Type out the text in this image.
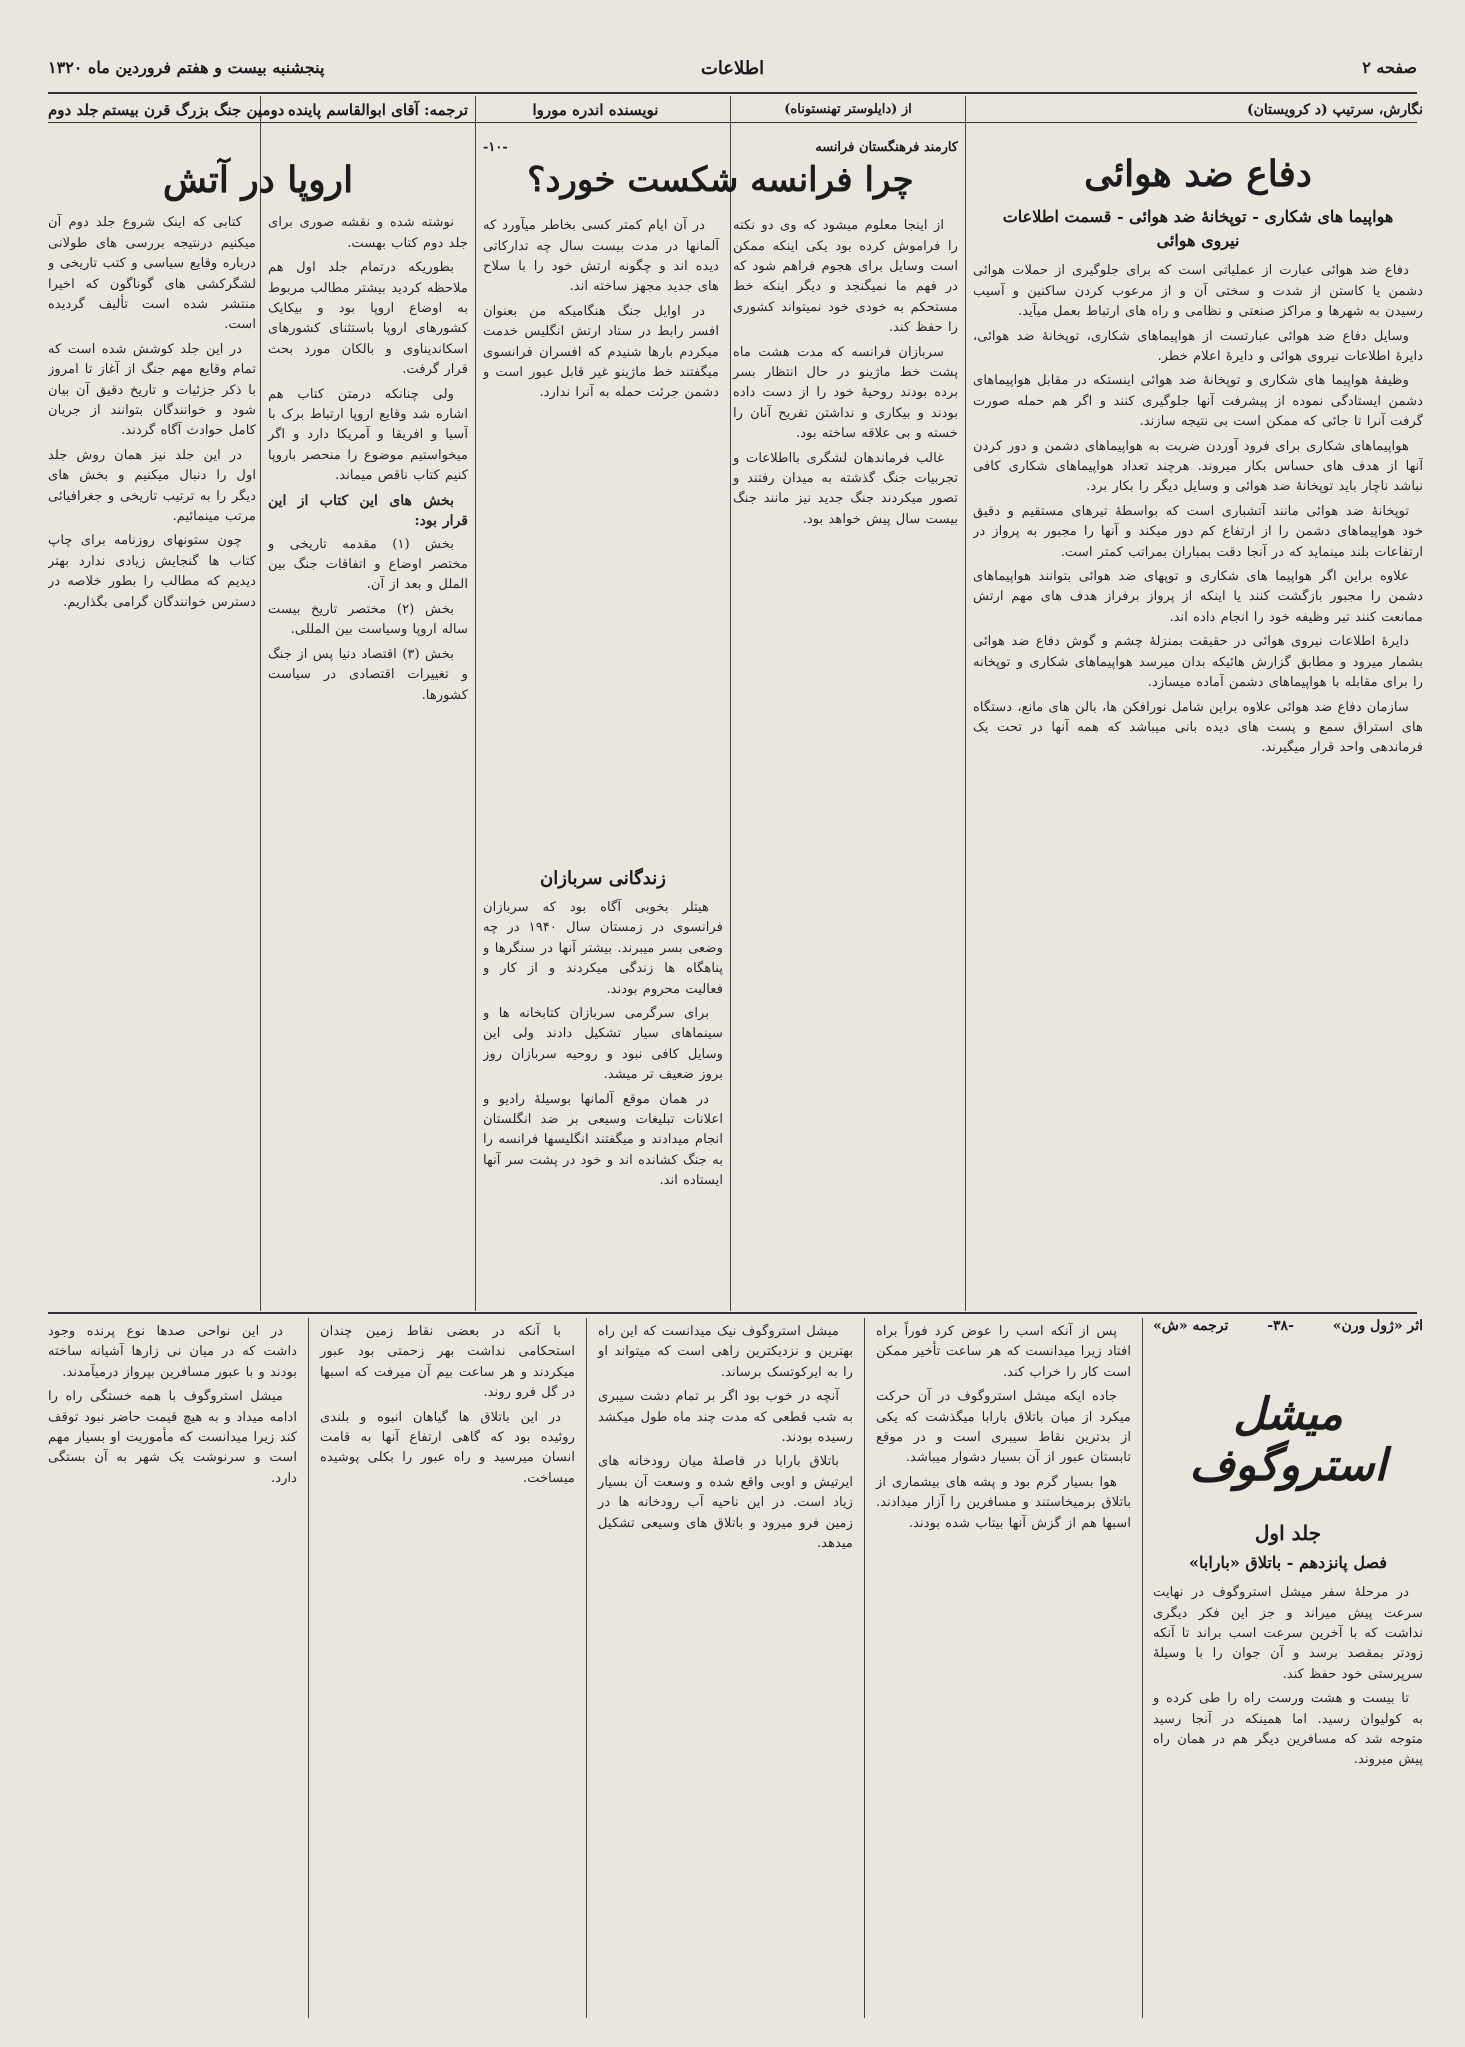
صفحه ۲
اطلاعات
پنجشنبه بیست و هفتم فروردین ماه ۱۳۲۰
نگارش، سرتیپ (د کرویستان)
دفاع ضد هوائی
هواپیما های شکاری - توپخانهٔ ضد هوائی - قسمت اطلاعات
نیروی هوائی

دفاع ضد هوائی عبارت از عملیاتی است که برای جلوگیری از حملات هوائی دشمن یا کاستن از شدت و سختی آن و از مرعوب کردن ساکنین و آسیب رسیدن به شهرها و مراکز صنعتی و نظامی و راه های ارتباط بعمل میآید.

وسایل دفاع ضد هوائی عبارتست از هواپیماهای شکاری، توپخانهٔ ضد هوائی، دایرهٔ اطلاعات نیروی هوائی و دایرهٔ اعلام خطر.

وظیفهٔ هواپیما های شکاری و توپخانهٔ ضد هوائی اینستکه در مقابل هواپیماهای دشمن ایستادگی نموده از پیشرفت آنها جلوگیری کنند و اگر هم حمله صورت گرفت آنرا تا جائی که ممکن است بی نتیجه سازند.

هواپیماهای شکاری برای فرود آوردن ضربت به هواپیماهای دشمن و دور کردن آنها از هدف های حساس بکار میروند. هرچند تعداد هواپیماهای شکاری کافی نباشد ناچار باید توپخانهٔ ضد هوائی و وسایل دیگر را بکار برد.

توپخانهٔ ضد هوائی مانند آتشباری است که بواسطهٔ تیرهای مستقیم و دقیق خود هواپیماهای دشمن را از ارتفاع کم دور میکند و آنها را مجبور به پرواز در ارتفاعات بلند مینماید که در آنجا دقت بمباران بمراتب کمتر است.

علاوه براین اگر هواپیما های شکاری و توپهای ضد هوائی بتوانند هواپیماهای دشمن را مجبور بازگشت کنند یا اینکه از پرواز برفراز هدف های مهم ارتش ممانعت کنند تیر وظیفه خود را انجام داده اند.

دایرهٔ اطلاعات نیروی هوائی در حقیقت بمنزلهٔ چشم و گوش دفاع ضد هوائی بشمار میرود و مطابق گزارش هائیکه بدان میرسد هواپیماهای شکاری و توپخانه را برای مقابله با هواپیماهای دشمن آماده میسازد.

سازمان دفاع ضد هوائی علاوه براین شامل نورافکن ها، بالن های مانع، دستگاه های استراق سمع و پست های دیده بانی میباشد که همه آنها در تحت یک فرماندهی واحد قرار میگیرند.

از (دایلوستر تهنستوناه)
نویسنده اندره موروا
کارمند فرهنگستان فرانسه
-۱۰-
چرا فرانسه شکست خورد؟

از اینجا معلوم میشود که وی دو نکته را فراموش کرده بود یکی اینکه ممکن است وسایل برای هجوم فراهم شود که در فهم ما نمیگنجد و دیگر اینکه خط مستحکم به خودی خود نمیتواند کشوری را حفظ کند.

سربازان فرانسه که مدت هشت ماه پشت خط ماژینو در حال انتظار بسر برده بودند روحیهٔ خود را از دست داده بودند و بیکاری و نداشتن تفریح آنان را خسته و بی علاقه ساخته بود.

غالب فرماندهان لشگری بااطلاعات و تجربیات جنگ گذشته به میدان رفتند و تصور میکردند جنگ جدید نیز مانند جنگ بیست سال پیش خواهد بود.

در آن ایام کمتر کسی بخاطر میآورد که آلمانها در مدت بیست سال چه تدارکاتی دیده اند و چگونه ارتش خود را با سلاح های جدید مجهز ساخته اند.

در اوایل جنگ هنگامیکه من بعنوان افسر رابط در ستاد ارتش انگلیس خدمت میکردم بارها شنیدم که افسران فرانسوی میگفتند خط ماژینو غیر قابل عبور است و دشمن جرئت حمله به آنرا ندارد.

زندگانی سربازان

هیتلر بخوبی آگاه بود که سربازان فرانسوی در زمستان سال ۱۹۴۰ در چه وضعی بسر میبرند. بیشتر آنها در سنگرها و پناهگاه ها زندگی میکردند و از کار و فعالیت محروم بودند.

برای سرگرمی سربازان کتابخانه ها و سینماهای سیار تشکیل دادند ولی این وسایل کافی نبود و روحیه سربازان روز بروز ضعیف تر میشد.

در همان موقع آلمانها بوسیلهٔ رادیو و اعلانات تبلیغات وسیعی بر ضد انگلستان انجام میدادند و میگفتند انگلیسها فرانسه را به جنگ کشانده اند و خود در پشت سر آنها ایستاده اند.

ترجمه: آقای ابوالقاسم پاینده
دومین جنگ بزرگ قرن بیستم
جلد دوم
اروپا در آتش

نوشته شده و نقشه صوری برای جلد دوم کتاب بهست.

بطوریکه درتمام جلد اول هم ملاحظه کردید بیشتر مطالب مربوط به اوضاع اروپا بود و بیکایک کشورهای اروپا باستثنای کشورهای اسکاندیناوی و بالکان مورد بحث قرار گرفت.

ولی چنانکه درمتن کتاب هم اشاره شد وقایع اروپا ارتباط برک با آسیا و افریقا و آمریکا دارد و اگر میخواستیم موضوع را منحصر باروپا کنیم کتاب ناقص میماند.

بخش های این کتاب از این قرار بود:

بخش (۱) مقدمه تاریخی و مختصر اوضاع و اتفاقات جنگ بین الملل و بعد از آن.

بخش (۲) مختصر تاریخ بیست ساله اروپا وسیاست بین المللی.

بخش (۳) اقتصاد دنیا پس از جنگ و تغییرات اقتصادی در سیاست کشورها.

کتابی که اینک شروع جلد دوم آن میکنیم درنتیجه بررسی های طولانی درباره وقایع سیاسی و کتب تاریخی و لشگرکشی های گوناگون که اخیرا منتشر شده است تألیف گردیده است.

در این جلد کوشش شده است که تمام وقایع مهم جنگ از آغاز تا امروز با ذکر جزئیات و تاریخ دقیق آن بیان شود و خوانندگان بتوانند از جریان کامل حوادث آگاه گردند.

در این جلد نیز همان روش جلد اول را دنبال میکنیم و بخش های دیگر را به ترتیب تاریخی و جغرافیائی مرتب مینمائیم.

چون ستونهای روزنامه برای چاپ کتاب ها گنجایش زیادی ندارد بهتر دیدیم که مطالب را بطور خلاصه در دسترس خوانندگان گرامی بگذاریم.

اثر «ژول ورن»
-۳۸-
ترجمه «ش»
میشل استروگوف
جلد اول
فصل پانزدهم - باتلاق «بارابا»

در مرحلهٔ سفر میشل استروگوف در نهایت سرعت پیش میراند و جز این فکر دیگری نداشت که با آخرین سرعت اسب براند تا آنکه زودتر بمقصد برسد و آن جوان را با وسیلهٔ سرپرستی خود حفظ کند.

تا بیست و هشت ورست راه را طی کرده و به کولیوان رسید. اما همینکه در آنجا رسید متوجه شد که مسافرین دیگر هم در همان راه پیش میروند.

پس از آنکه اسب را عوض کرد فوراً براه افتاد زیرا میدانست که هر ساعت تأخیر ممکن است کار را خراب کند.

جاده ایکه میشل استروگوف در آن حرکت میکرد از میان باتلاق بارابا میگذشت که یکی از بدترین نقاط سیبری است و در موقع تابستان عبور از آن بسیار دشوار میباشد.

هوا بسیار گرم بود و پشه های بیشماری از باتلاق برمیخاستند و مسافرین را آزار میدادند. اسبها هم از گزش آنها بیتاب شده بودند.

میشل استروگوف نیک میدانست که این راه بهترین و نزدیکترین راهی است که میتواند او را به ایرکوتسک برساند.

آنچه در خوب بود اگر بر تمام دشت سیبری به شب قطعی که مدت چند ماه طول میکشد رسیده بودند.

باتلاق بارابا در فاصلهٔ میان رودخانه های ایرتیش و اوبی واقع شده و وسعت آن بسیار زیاد است. در این ناحیه آب رودخانه ها در زمین فرو میرود و باتلاق های وسیعی تشکیل میدهد.

با آنکه در بعضی نقاط زمین چندان استحکامی نداشت بهر زحمتی بود عبور میکردند و هر ساعت بیم آن میرفت که اسبها در گل فرو روند.

در این باتلاق ها گیاهان انبوه و بلندی روئیده بود که گاهی ارتفاع آنها به قامت انسان میرسید و راه عبور را بکلی پوشیده میساخت.

در این نواحی صدها نوع پرنده وجود داشت که در میان نی زارها آشیانه ساخته بودند و با عبور مسافرین بپرواز درمیآمدند.

میشل استروگوف با همه خستگی راه را ادامه میداد و به هیچ قیمت حاضر نبود توقف کند زیرا میدانست که مأموریت او بسیار مهم است و سرنوشت یک شهر به آن بستگی دارد.
